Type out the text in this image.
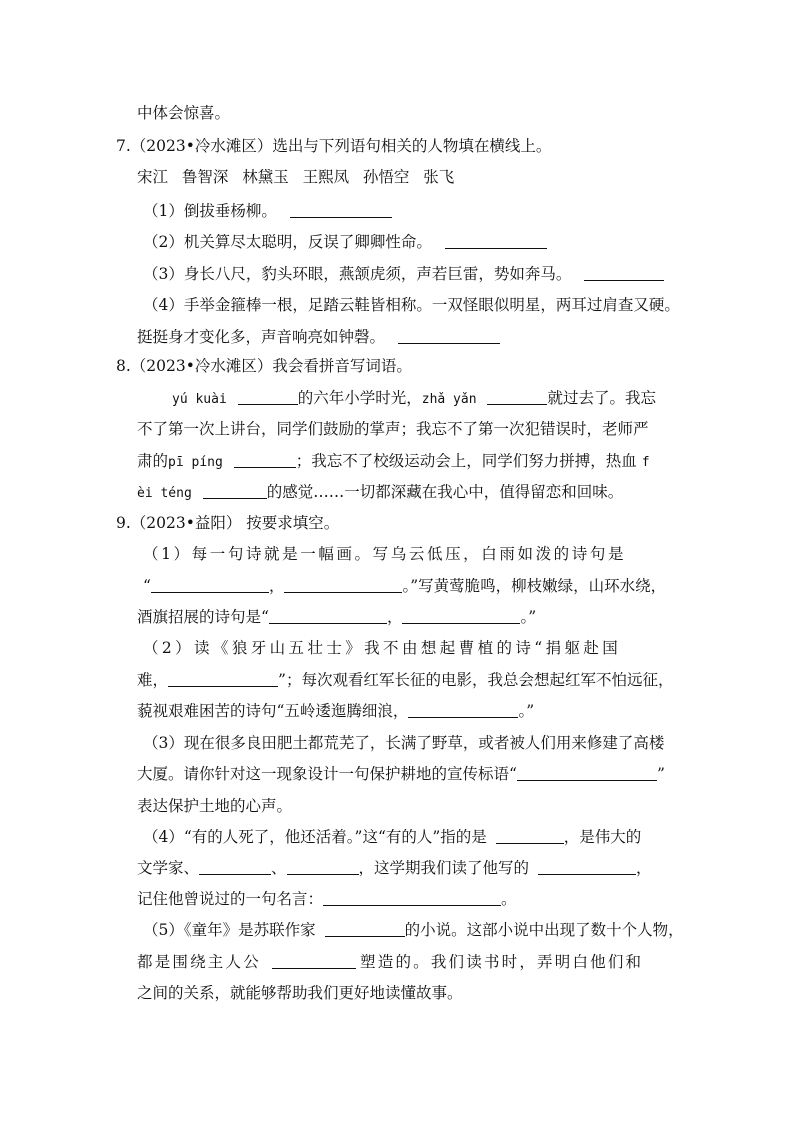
中体会惊喜。
7.（2023•冷水滩区）选出与下列语句相关的人物填在横线上。
宋江  鲁智深  林黛玉  王熙凤  孙悟空  张飞
（1）倒拔垂杨柳。
（2）机关算尽太聪明，反误了卿卿性命。
（3）身长八尺，豹头环眼，燕颔虎须，声若巨雷，势如奔马。
（4）手举金箍棒一根，足踏云鞋皆相称。一双怪眼似明星，两耳过肩查又硬。
挺挺身才变化多，声音响亮如钟磬。
8.（2023•冷水滩区）我会看拼音写词语。
yú kuài	的六年小学时光，zhǎ yǎn	就过去了。我忘
不了第一次上讲台，同学们鼓励的掌声；我忘不了第一次犯错误时，老师严
肃的pī píng	；我忘不了校级运动会上，同学们努力拼搏，热血 f
èi téng	的感觉……一切都深藏在我心中，值得留恋和回味。
9.（2023•益阳） 按要求填空。
（1）每一句诗就是一幅画。写乌云低压，白雨如泼的诗句是
“	，	。”写黄莺脆鸣，柳枝嫩绿，山环水绕，
酒旗招展的诗句是“	，	。”
（2）读《狼牙山五壮士》我不由想起曹植的诗“捐躯赴国
难，	”；每次观看红军长征的电影，我总会想起红军不怕远征，
藐视艰难困苦的诗句“五岭逶迤腾细浪，	。”
（3）现在很多良田肥土都荒芜了，长满了野草，或者被人们用来修建了高楼
大厦。请你针对这一现象设计一句保护耕地的宣传标语“	”
表达保护土地的心声。
（4）“有的人死了，他还活着。”这“有的人”指的是	，是伟大的
文学家、	、	，这学期我们读了他写的	，
记住他曾说过的一句名言：	。
（5）《童年》是苏联作家	的小说。这部小说中出现了数十个人物，
都是围绕主人公	塑造的。我们读书时，弄明白他们和
之间的关系，就能够帮助我们更好地读懂故事。
